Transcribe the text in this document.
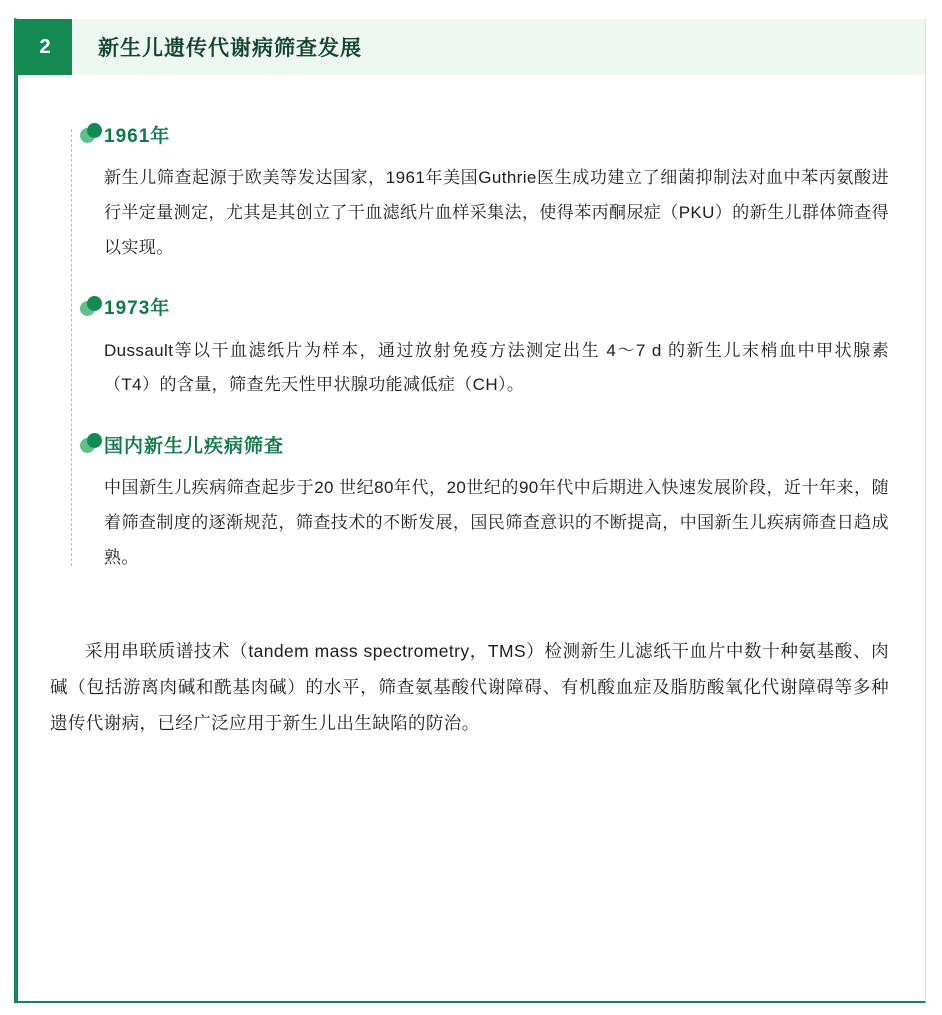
2	新生儿遗传代谢病筛查发展
1961年
新生儿筛查起源于欧美等发达国家，1961年美国Guthrie医生成功建立了细菌抑制法对血中苯丙氨酸进行半定量测定，尤其是其创立了干血滤纸片血样采集法，使得苯丙酮尿症（PKU）的新生儿群体筛查得以实现。
1973年
Dussault等以干血滤纸片为样本，通过放射免疫方法测定出生 4～7 d 的新生儿末梢血中甲状腺素（T4）的含量，筛查先天性甲状腺功能减低症（CH）。
国内新生儿疾病筛查
中国新生儿疾病筛查起步于20 世纪80年代，20世纪的90年代中后期进入快速发展阶段，近十年来，随着筛查制度的逐渐规范，筛查技术的不断发展，国民筛查意识的不断提高，中国新生儿疾病筛查日趋成熟。
采用串联质谱技术（tandem mass spectrometry，TMS）检测新生儿滤纸干血片中数十种氨基酸、肉碱（包括游离肉碱和酰基肉碱）的水平，筛查氨基酸代谢障碍、有机酸血症及脂肪酸氧化代谢障碍等多种遗传代谢病，已经广泛应用于新生儿出生缺陷的防治。
